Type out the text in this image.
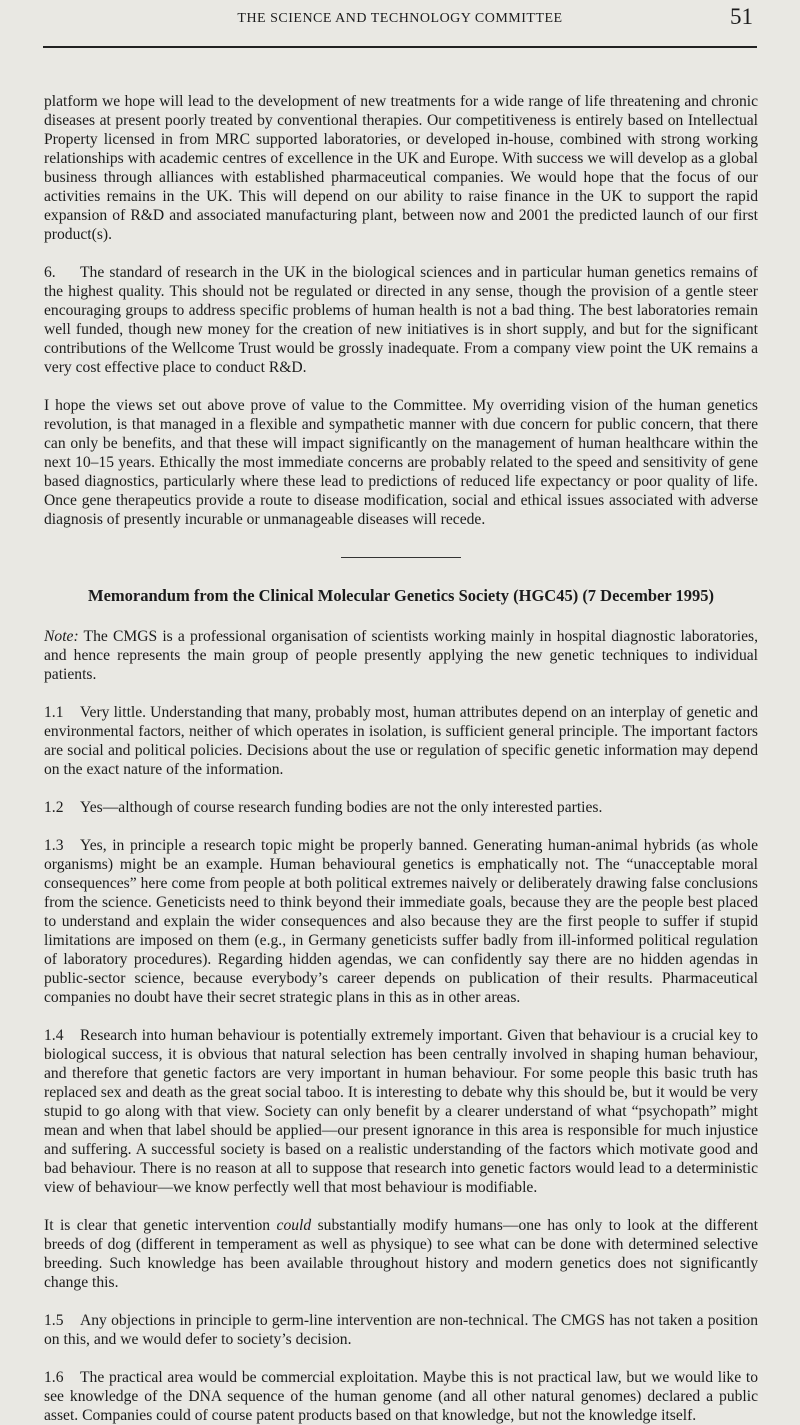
THE SCIENCE AND TECHNOLOGY COMMITTEE	51

platform we hope will lead to the development of new treatments for a wide range of life threatening and chronic diseases at present poorly treated by conventional therapies. Our competitiveness is entirely based on Intellectual Property licensed in from MRC supported laboratories, or developed in-house, combined with strong working relationships with academic centres of excellence in the UK and Europe. With success we will develop as a global business through alliances with established pharmaceutical companies. We would hope that the focus of our activities remains in the UK. This will depend on our ability to raise finance in the UK to support the rapid expansion of R&D and associated manufacturing plant, between now and 2001 the predicted launch of our first product(s).

6. The standard of research in the UK in the biological sciences and in particular human genetics remains of the highest quality. This should not be regulated or directed in any sense, though the provision of a gentle steer encouraging groups to address specific problems of human health is not a bad thing. The best laboratories remain well funded, though new money for the creation of new initiatives is in short supply, and but for the significant contributions of the Wellcome Trust would be grossly inadequate. From a company view point the UK remains a very cost effective place to conduct R&D.

I hope the views set out above prove of value to the Committee. My overriding vision of the human genetics revolution, is that managed in a flexible and sympathetic manner with due concern for public concern, that there can only be benefits, and that these will impact significantly on the management of human healthcare within the next 10–15 years. Ethically the most immediate concerns are probably related to the speed and sensitivity of gene based diagnostics, particularly where these lead to predictions of reduced life expectancy or poor quality of life. Once gene therapeutics provide a route to disease modification, social and ethical issues associated with adverse diagnosis of presently incurable or unmanageable diseases will recede.

Memorandum from the Clinical Molecular Genetics Society (HGC45) (7 December 1995)

Note: The CMGS is a professional organisation of scientists working mainly in hospital diagnostic laboratories, and hence represents the main group of people presently applying the new genetic techniques to individual patients.

1.1 Very little. Understanding that many, probably most, human attributes depend on an interplay of genetic and environmental factors, neither of which operates in isolation, is sufficient general principle. The important factors are social and political policies. Decisions about the use or regulation of specific genetic information may depend on the exact nature of the information.

1.2 Yes—although of course research funding bodies are not the only interested parties.

1.3 Yes, in principle a research topic might be properly banned. Generating human-animal hybrids (as whole organisms) might be an example. Human behavioural genetics is emphatically not. The “unacceptable moral consequences” here come from people at both political extremes naively or deliberately drawing false conclusions from the science. Geneticists need to think beyond their immediate goals, because they are the people best placed to understand and explain the wider consequences and also because they are the first people to suffer if stupid limitations are imposed on them (e.g., in Germany geneticists suffer badly from ill-informed political regulation of laboratory procedures). Regarding hidden agendas, we can confidently say there are no hidden agendas in public-sector science, because everybody’s career depends on publication of their results. Pharmaceutical companies no doubt have their secret strategic plans in this as in other areas.

1.4 Research into human behaviour is potentially extremely important. Given that behaviour is a crucial key to biological success, it is obvious that natural selection has been centrally involved in shaping human behaviour, and therefore that genetic factors are very important in human behaviour. For some people this basic truth has replaced sex and death as the great social taboo. It is interesting to debate why this should be, but it would be very stupid to go along with that view. Society can only benefit by a clearer understand of what “psychopath” might mean and when that label should be applied—our present ignorance in this area is responsible for much injustice and suffering. A successful society is based on a realistic understanding of the factors which motivate good and bad behaviour. There is no reason at all to suppose that research into genetic factors would lead to a deterministic view of behaviour—we know perfectly well that most behaviour is modifiable.

It is clear that genetic intervention could substantially modify humans—one has only to look at the different breeds of dog (different in temperament as well as physique) to see what can be done with determined selective breeding. Such knowledge has been available throughout history and modern genetics does not significantly change this.

1.5 Any objections in principle to germ-line intervention are non-technical. The CMGS has not taken a position on this, and we would defer to society’s decision.

1.6 The practical area would be commercial exploitation. Maybe this is not practical law, but we would like to see knowledge of the DNA sequence of the human genome (and all other natural genomes) declared a public asset. Companies could of course patent products based on that knowledge, but not the knowledge itself.
